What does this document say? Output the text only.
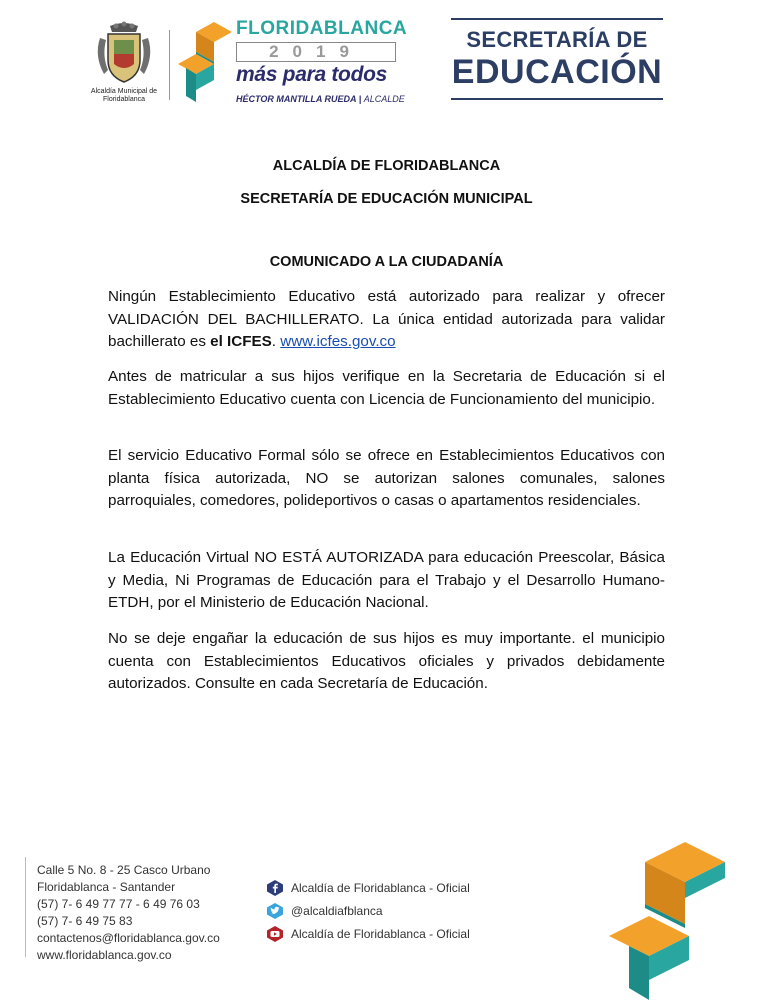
Alcaldía Municipal de Floridablanca
FLORIDABLANCA
2019
más para todos
HÉCTOR MANTILLA RUEDA | ALCALDE
SECRETARÍA DE
EDUCACIÓN
ALCALDÍA DE FLORIDABLANCA
SECRETARÍA DE EDUCACIÓN MUNICIPAL
COMUNICADO A LA CIUDADANÍA

Ningún Establecimiento Educativo está autorizado para realizar y ofrecer VALIDACIÓN DEL BACHILLERATO. La única entidad autorizada para validar bachillerato es el ICFES. www.icfes.gov.co

Antes de matricular a sus hijos verifique en la Secretaria de Educación si el Establecimiento Educativo cuenta con Licencia de Funcionamiento del municipio.

El servicio Educativo Formal sólo se ofrece en Establecimientos Educativos con planta física autorizada, NO se autorizan salones comunales, salones parroquiales, comedores, polideportivos o casas o apartamentos residenciales.

La Educación Virtual NO ESTÁ AUTORIZADA para educación Preescolar, Básica y Media, Ni Programas de Educación para el Trabajo y el Desarrollo Humano-ETDH, por el Ministerio de Educación Nacional.

No se deje engañar la educación de sus hijos es muy importante. el municipio cuenta con Establecimientos Educativos oficiales y privados debidamente autorizados. Consulte en cada Secretaría de Educación.

Calle 5 No. 8 - 25 Casco Urbano
Floridablanca - Santander
(57) 7- 6 49 77 77 - 6 49 76 03
(57) 7- 6 49 75 83
contactenos@floridablanca.gov.co
www.floridablanca.gov.co
Alcaldía de Floridablanca - Oficial
@alcaldiafblanca
Alcaldía de Floridablanca - Oficial
